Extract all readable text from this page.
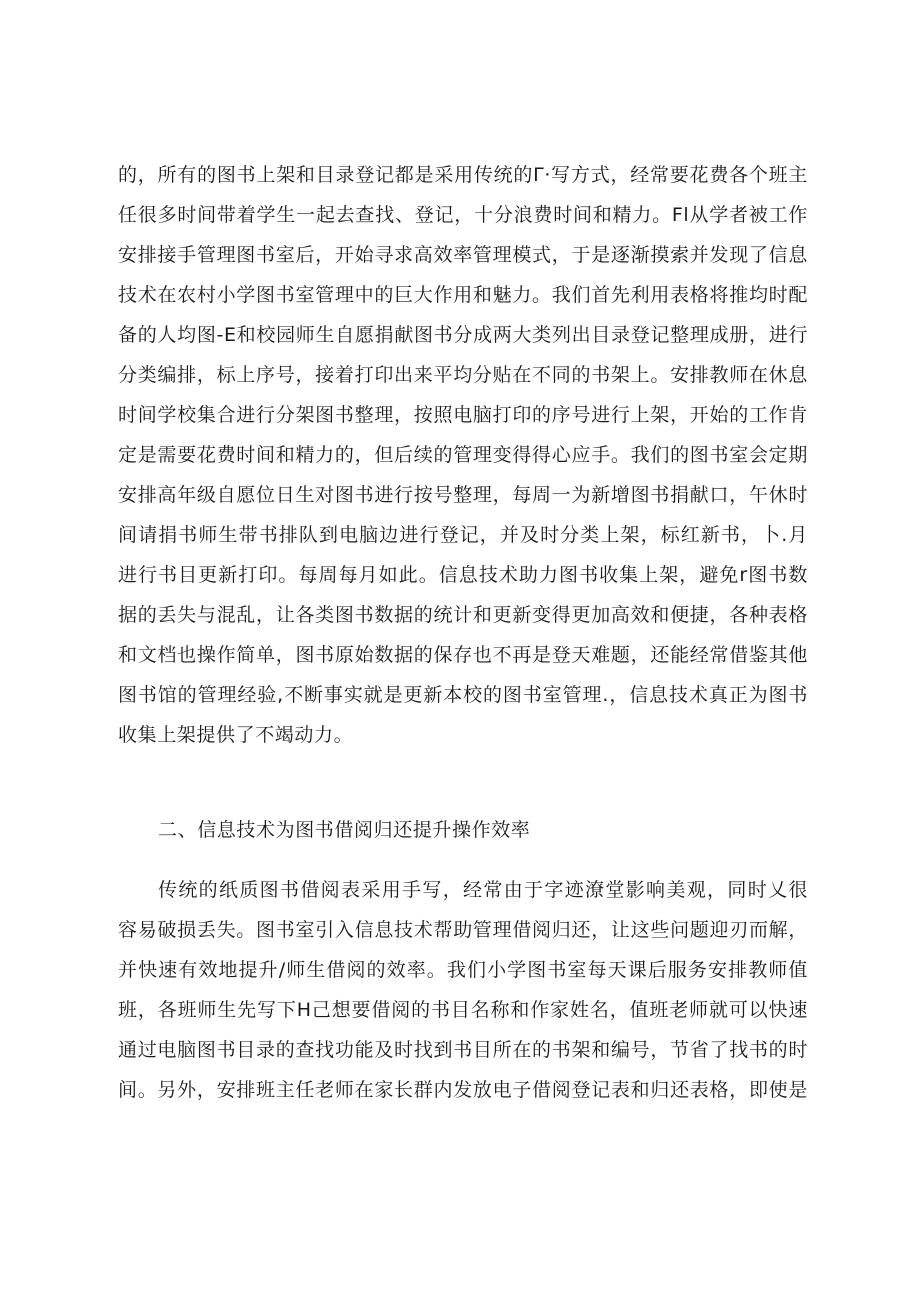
的，所有的图书上架和目录登记都是采用传统的Γ·写方式，经常要花费各个班主
任很多时间带着学生一起去查找、登记，十分浪费时间和精力。Fl从学者被工作
安排接手管理图书室后，开始寻求高效率管理模式，于是逐渐摸索并发现了信息
技术在农村小学图书室管理中的巨大作用和魅力。我们首先利用表格将推均时配
备的人均图-E和校园师生自愿捐献图书分成两大类列出目录登记整理成册，进行
分类编排，标上序号，接着打印出来平均分贴在不同的书架上。安排教师在休息
时间学校集合进行分架图书整理，按照电脑打印的序号进行上架，开始的工作肯
定是需要花费时间和精力的，但后续的管理变得得心应手。我们的图书室会定期
安排高年级自愿位日生对图书进行按号整理，每周一为新增图书捐献口，午休时
间请捐书师生带书排队到电脑边进行登记，并及时分类上架，标红新书，卜.月
进行书目更新打印。每周每月如此。信息技术助力图书收集上架，避免r图书数
据的丢失与混乱，让各类图书数据的统计和更新变得更加高效和便捷，各种表格
和文档也操作简单，图书原始数据的保存也不再是登天难题，还能经常借鉴其他
图书馆的管理经验,不断事实就是更新本校的图书室管理.，信息技术真正为图书
收集上架提供了不竭动力。
二、信息技术为图书借阅归还提升操作效率
传统的纸质图书借阅表采用手写，经常由于字迹潦堂影响美观，同时乂很
容易破损丢失。图书室引入信息技术帮助管理借阅归还，让这些问题迎刃而解，
并快速有效地提升/师生借阅的效率。我们小学图书室每天课后服务安排教师值
班，各班师生先写下H己想要借阅的书目名称和作家姓名，值班老师就可以快速
通过电脑图书目录的查找功能及时找到书目所在的书架和编号，节省了找书的时
间。另外，安排班主任老师在家长群内发放电子借阅登记表和归还表格，即使是
